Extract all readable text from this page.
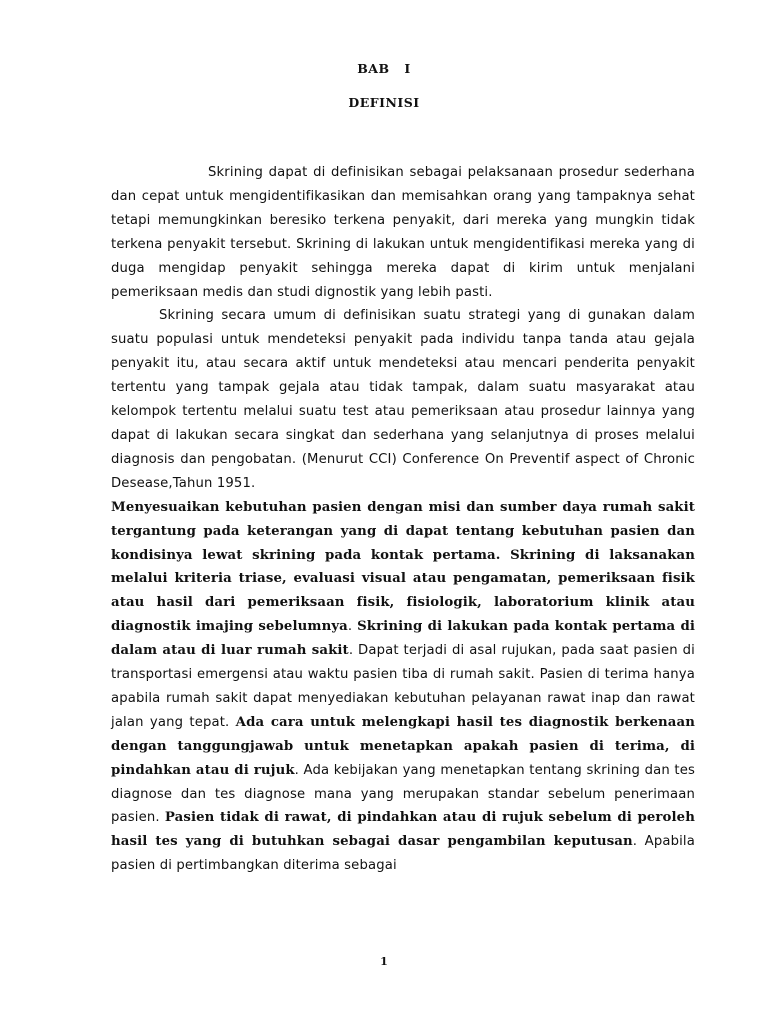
BAB I
DEFINISI

Skrining dapat di definisikan sebagai pelaksanaan prosedur sederhana dan cepat untuk mengidentifikasikan dan memisahkan orang yang tampaknya sehat tetapi memungkinkan beresiko terkena penyakit, dari mereka yang mungkin tidak terkena penyakit tersebut. Skrining di lakukan untuk mengidentifikasi mereka yang di duga mengidap penyakit sehingga mereka dapat di kirim untuk menjalani pemeriksaan medis dan studi dignostik yang lebih pasti.

Skrining secara umum di definisikan suatu strategi yang di gunakan dalam suatu populasi untuk mendeteksi penyakit pada individu tanpa tanda atau gejala penyakit itu, atau secara aktif untuk mendeteksi atau mencari penderita penyakit tertentu yang tampak gejala atau tidak tampak, dalam suatu masyarakat atau kelompok tertentu melalui suatu test atau pemeriksaan atau prosedur lainnya yang dapat di lakukan secara singkat dan sederhana yang selanjutnya di proses melalui diagnosis dan pengobatan. (Menurut CCI) Conference On Preventif aspect of Chronic Desease,Tahun 1951.

Menyesuaikan kebutuhan pasien dengan misi dan sumber daya rumah sakit tergantung pada keterangan yang di dapat tentang kebutuhan pasien dan kondisinya lewat skrining pada kontak pertama. Skrining di laksanakan melalui kriteria triase, evaluasi visual atau pengamatan, pemeriksaan fisik atau hasil dari pemeriksaan fisik, fisiologik, laboratorium klinik atau diagnostik imajing sebelumnya. Skrining di lakukan pada kontak pertama di dalam atau di luar rumah sakit. Dapat terjadi di asal rujukan, pada saat pasien di transportasi emergensi atau waktu pasien tiba di rumah sakit. Pasien di terima hanya apabila rumah sakit dapat menyediakan kebutuhan pelayanan rawat inap dan rawat jalan yang tepat. Ada cara untuk melengkapi hasil tes diagnostik berkenaan dengan tanggungjawab untuk menetapkan apakah pasien di terima, di pindahkan atau di rujuk. Ada kebijakan yang menetapkan tentang skrining dan tes diagnose dan tes diagnose mana yang merupakan standar sebelum penerimaan pasien. Pasien tidak di rawat, di pindahkan atau di rujuk sebelum di peroleh hasil tes yang di butuhkan sebagai dasar pengambilan keputusan. Apabila pasien di pertimbangkan diterima sebagai

1
